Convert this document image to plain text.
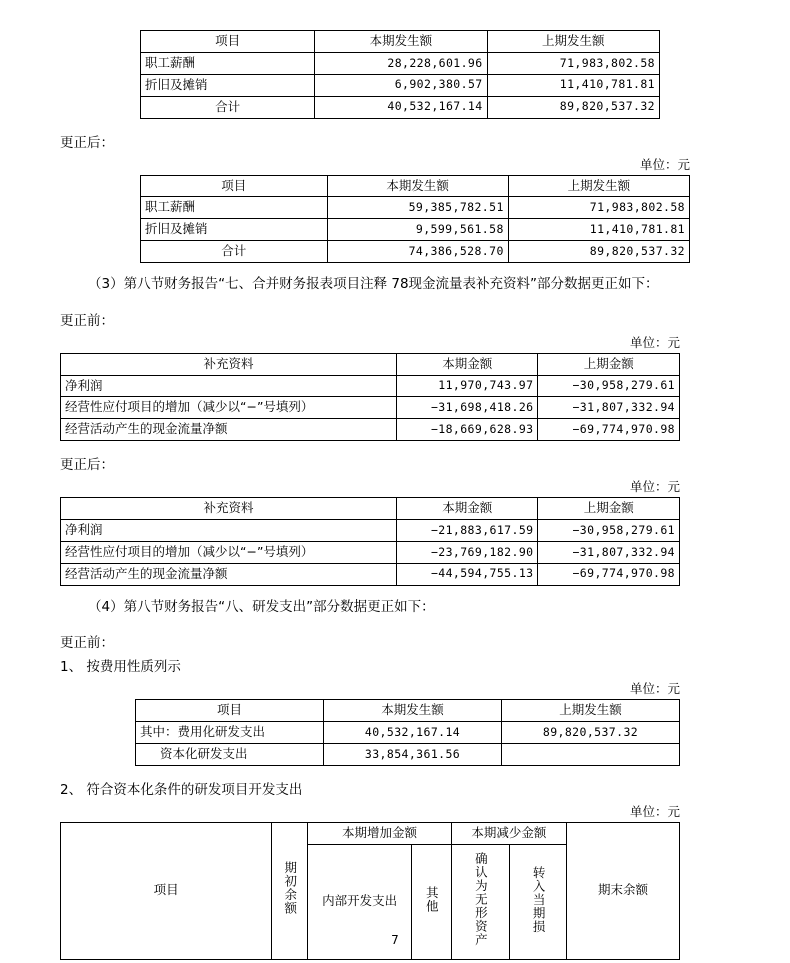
项目	本期发生额	上期发生额
职工薪酬	28,228,601.96	71,983,802.58
折旧及摊销	6,902,380.57	11,410,781.81
合计	40,532,167.14	89,820,537.32
更正后：
单位：元
项目	本期发生额	上期发生额
职工薪酬	59,385,782.51	71,983,802.58
折旧及摊销	9,599,561.58	11,410,781.81
合计	74,386,528.70	89,820,537.32
（3）第八节财务报告“七、合并财务报表项目注释 78现金流量表补充资料”部分数据更正如下：
更正前：
单位：元
补充资料	本期金额	上期金额
净利润	11,970,743.97	−30,958,279.61
经营性应付项目的增加（减少以“−”号填列）	−31,698,418.26	−31,807,332.94
经营活动产生的现金流量净额	−18,669,628.93	−69,774,970.98
更正后：
单位：元
补充资料	本期金额	上期金额
净利润	−21,883,617.59	−30,958,279.61
经营性应付项目的增加（减少以“−”号填列）	−23,769,182.90	−31,807,332.94
经营活动产生的现金流量净额	−44,594,755.13	−69,774,970.98
（4）第八节财务报告“八、研发支出”部分数据更正如下：
更正前：
1、 按费用性质列示
单位：元
项目	本期发生额	上期发生额
其中：费用化研发支出	40,532,167.14	89,820,537.32
资本化研发支出	33,854,361.56	
2、 符合资本化条件的研发项目开发支出
单位：元
项目	期初余额	本期增加金额		本期减少金额		期末余额
		内部开发支出	其他	确认为无形资产	转入当期损	
7
